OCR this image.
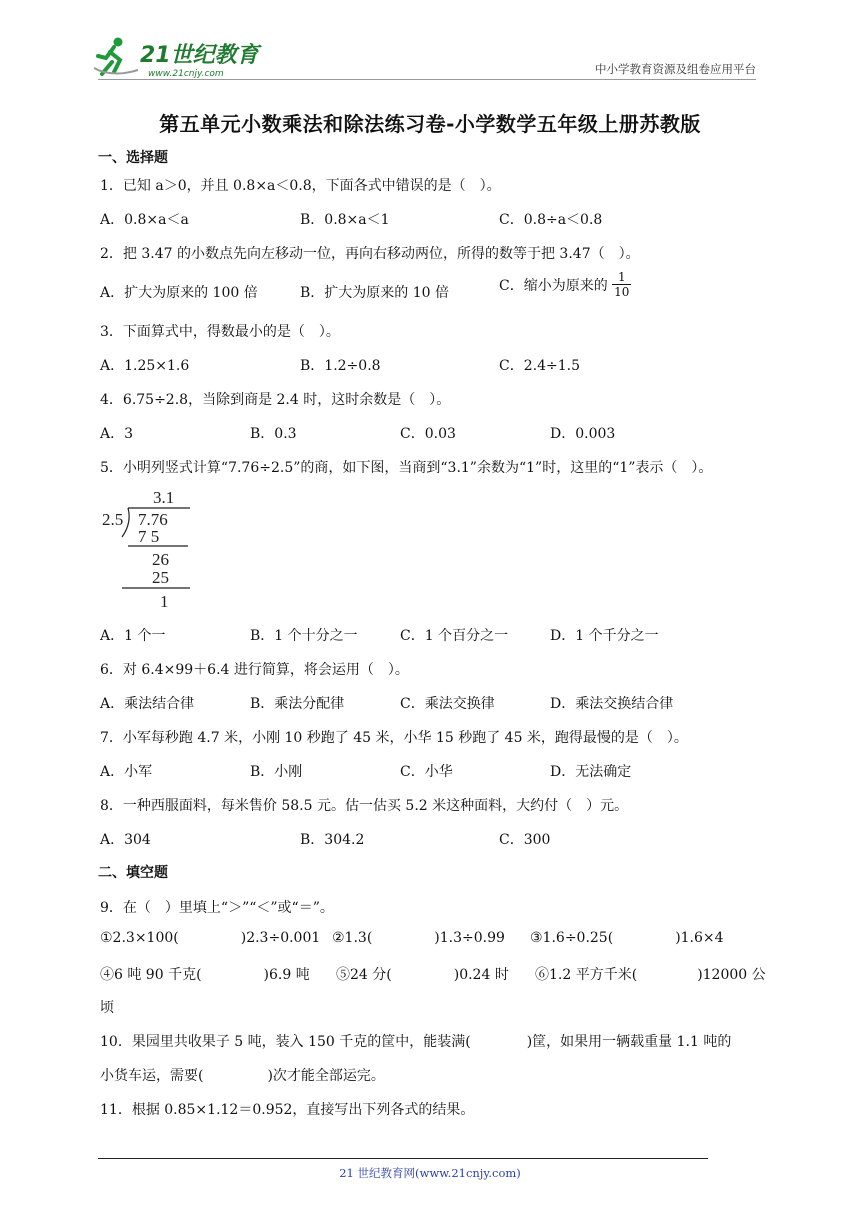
21世纪教育
www.21cnjy.com	中小学教育资源及组卷应用平台
第五单元小数乘法和除法练习卷-小学数学五年级上册苏教版
一、选择题
1．已知 a＞0，并且 0.8×a＜0.8，下面各式中错误的是（　）。
A．0.8×a＜a	B．0.8×a＜1	C．0.8÷a＜0.8
2．把 3.47 的小数点先向左移动一位，再向右移动两位，所得的数等于把 3.47（　）。
A．扩大为原来的 100 倍	B．扩大为原来的 10 倍	C．缩小为原来的 $\frac{1}{10}$
3．下面算式中，得数最小的是（　）。
A．1.25×1.6	B．1.2÷0.8	C．2.4÷1.5
4．6.75÷2.8，当除到商是 2.4 时，这时余数是（　）。
A．3	B．0.3	C．0.03	D．0.003
5．小明列竖式计算“7.76÷2.5”的商，如下图，当商到“3.1”余数为“1”时，这里的“1”表示（　）。
3.1
2.5 7.76
7 5
26
25
1
A．1 个一	B．1 个十分之一	C．1 个百分之一	D．1 个千分之一
6．对 6.4×99＋6.4 进行简算，将会运用（　）。
A．乘法结合律	B．乘法分配律	C．乘法交换律	D．乘法交换结合律
7．小军每秒跑 4.7 米，小刚 10 秒跑了 45 米，小华 15 秒跑了 45 米，跑得最慢的是（　）。
A．小军	B．小刚	C．小华	D．无法确定
8．一种西服面料，每米售价 58.5 元。估一估买 5.2 米这种面料，大约付（　）元。
A．304	B．304.2	C．300
二、填空题
9．在（　）里填上“＞”“＜”或“＝”。
①2.3×100(	)2.3÷0.001 ②1.3(	)1.3÷0.99 ③1.6÷0.25(	)1.6×4
④6 吨 90 千克(	)6.9 吨 ⑤24 分(	)0.24 时 ⑥1.2 平方千米(	)12000 公
顷
10．果园里共收果子 5 吨，装入 150 千克的筐中，能装满(	)筐，如果用一辆载重量 1.1 吨的
小货车运，需要(	)次才能全部运完。
11．根据 0.85×1.12＝0.952，直接写出下列各式的结果。
21 世纪教育网(www.21cnjy.com)
